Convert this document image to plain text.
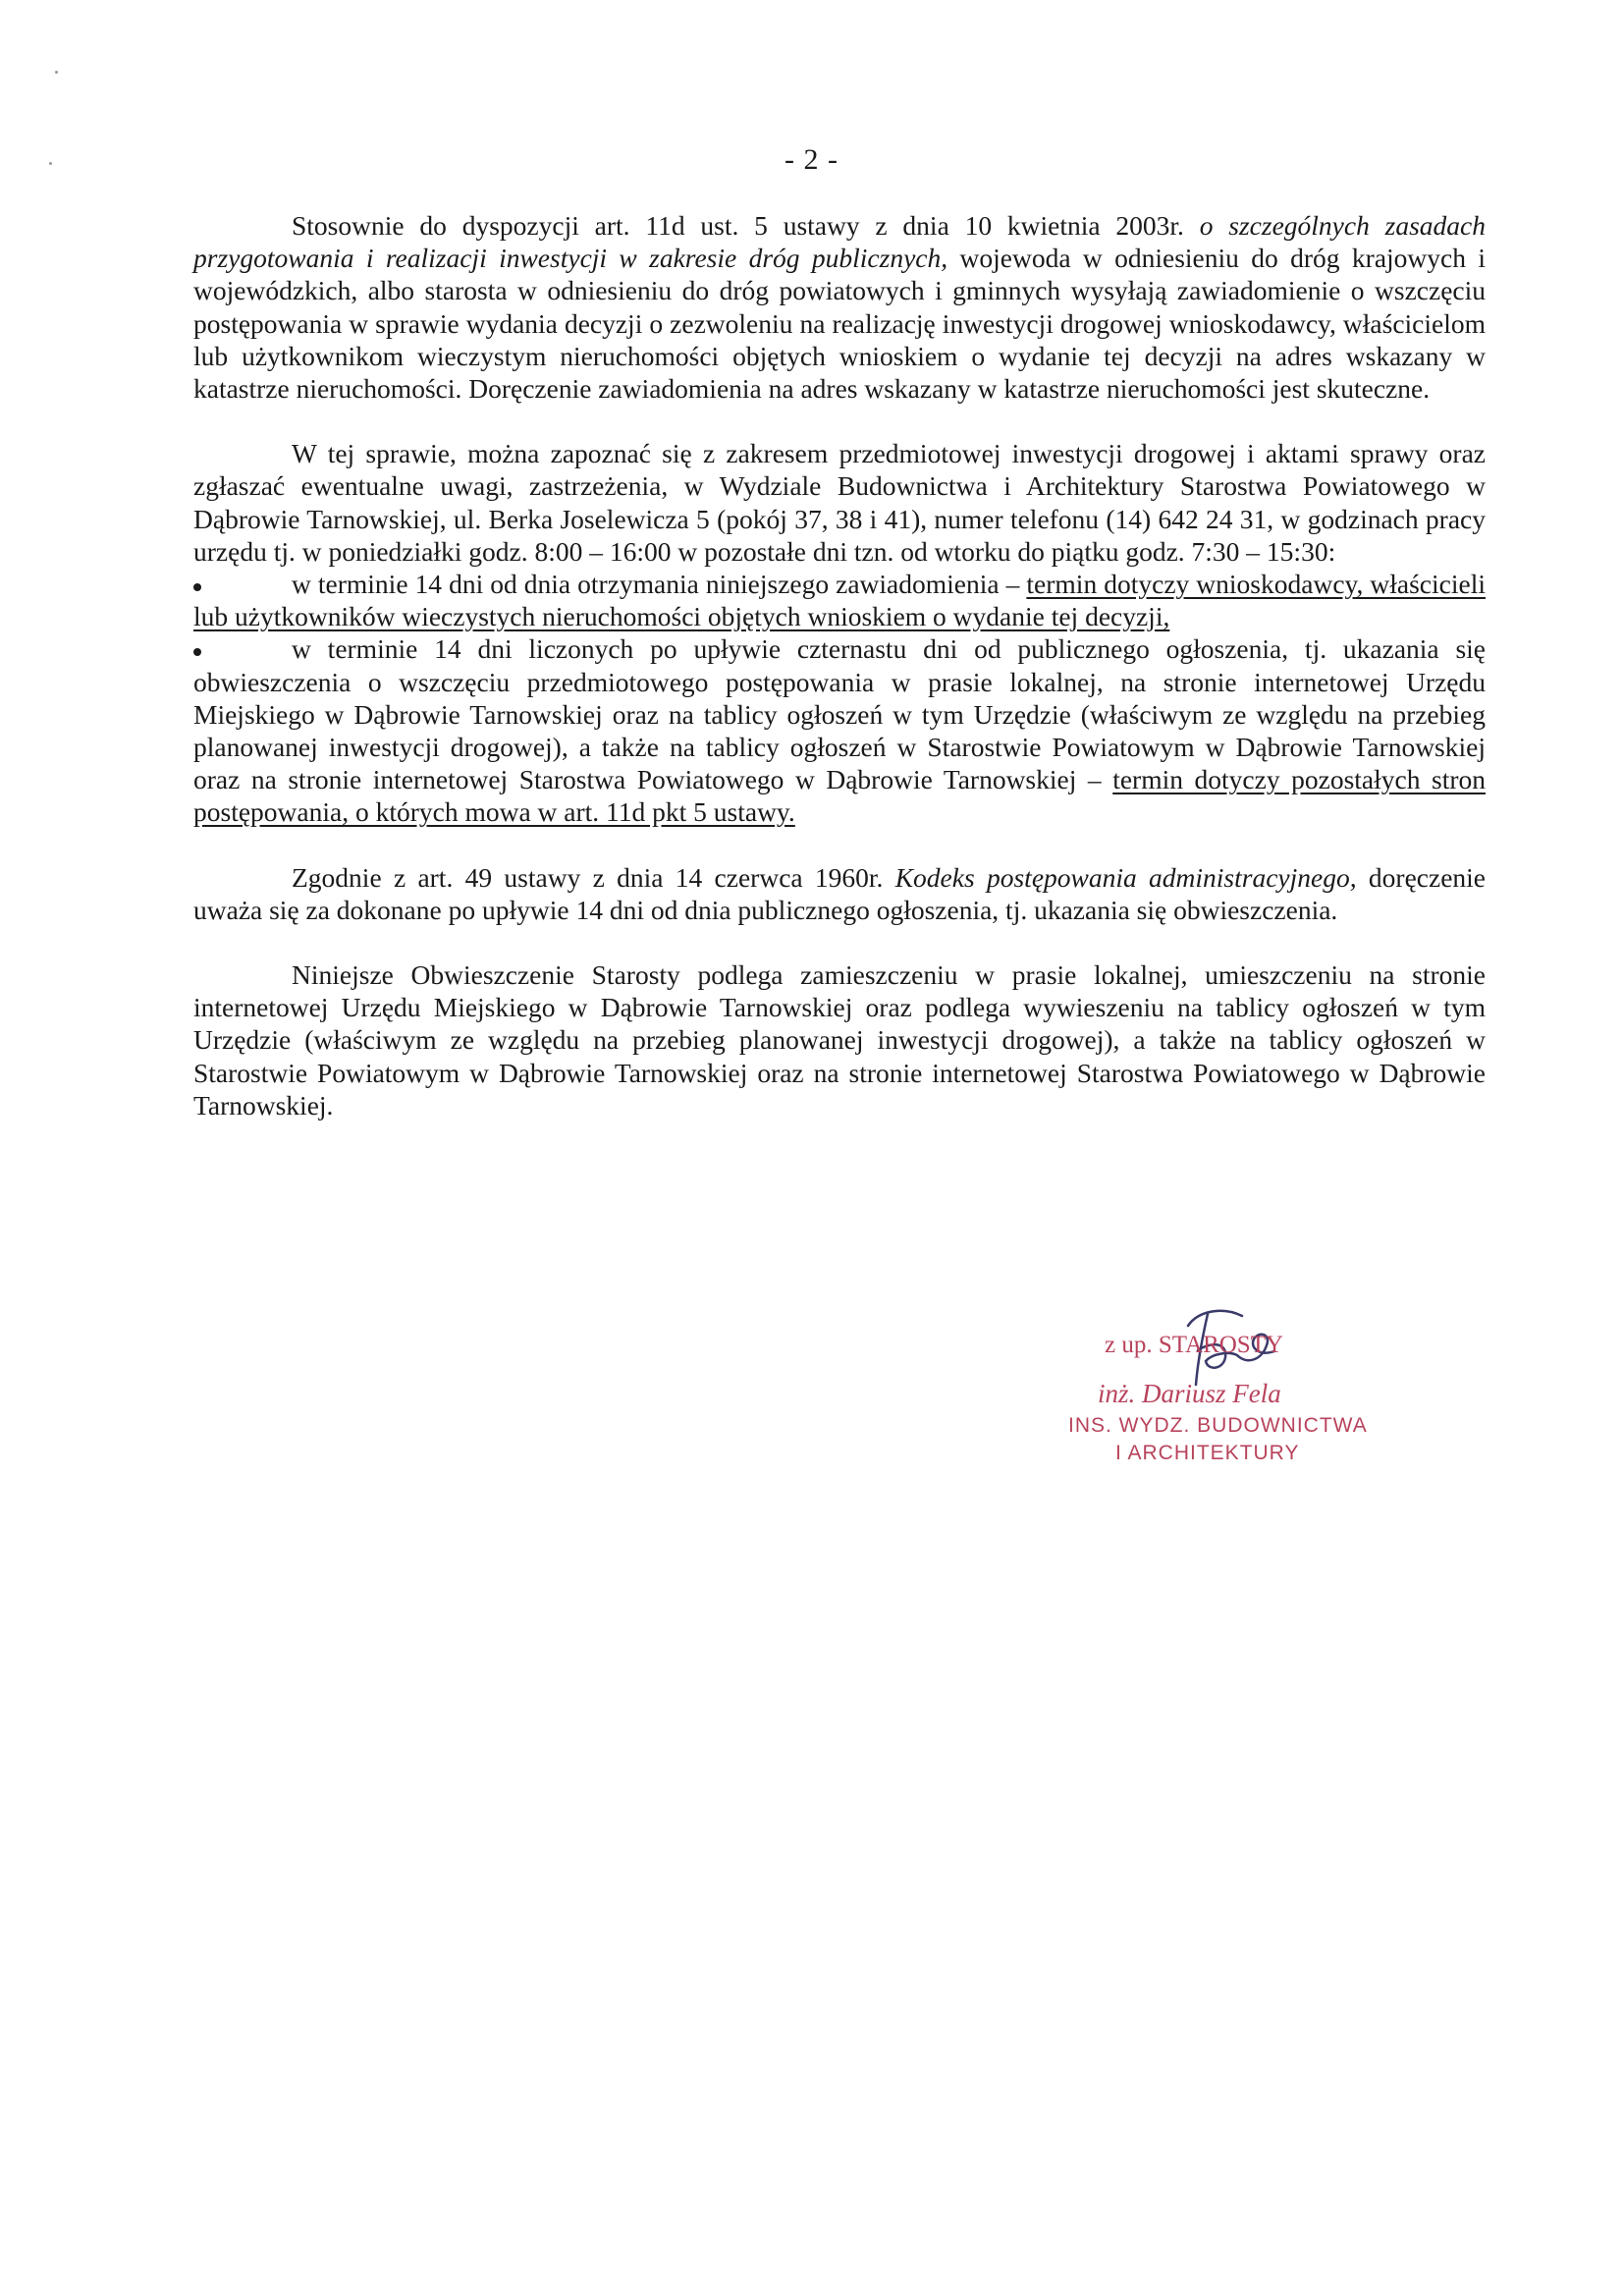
- 2 -

Stosownie do dyspozycji art. 11d ust. 5 ustawy z dnia 10 kwietnia 2003r. o szczególnych zasadach przygotowania i realizacji inwestycji w zakresie dróg publicznych, wojewoda w odniesieniu do dróg krajowych i wojewódzkich, albo starosta w odniesieniu do dróg powiatowych i gminnych wysyłają zawiadomienie o wszczęciu postępowania w sprawie wydania decyzji o zezwoleniu na realizację inwestycji drogowej wnioskodawcy, właścicielom lub użytkownikom wieczystym nieruchomości objętych wnioskiem o wydanie tej decyzji na adres wskazany w katastrze nieruchomości. Doręczenie zawiadomienia na adres wskazany w katastrze nieruchomości jest skuteczne.

W tej sprawie, można zapoznać się z zakresem przedmiotowej inwestycji drogowej i aktami sprawy oraz zgłaszać ewentualne uwagi, zastrzeżenia, w Wydziale Budownictwa i Architektury Starostwa Powiatowego w Dąbrowie Tarnowskiej, ul. Berka Joselewicza 5 (pokój 37, 38 i 41), numer telefonu (14) 642 24 31, w godzinach pracy urzędu tj. w poniedziałki godz. 8:00 – 16:00 w pozostałe dni tzn. od wtorku do piątku godz. 7:30 – 15:30:

w terminie 14 dni od dnia otrzymania niniejszego zawiadomienia – termin dotyczy wnioskodawcy, właścicieli lub użytkowników wieczystych nieruchomości objętych wnioskiem o wydanie tej decyzji,

w terminie 14 dni liczonych po upływie czternastu dni od publicznego ogłoszenia, tj. ukazania się obwieszczenia o wszczęciu przedmiotowego postępowania w prasie lokalnej, na stronie internetowej Urzędu Miejskiego w Dąbrowie Tarnowskiej oraz na tablicy ogłoszeń w tym Urzędzie (właściwym ze względu na przebieg planowanej inwestycji drogowej), a także na tablicy ogłoszeń w Starostwie Powiatowym w Dąbrowie Tarnowskiej oraz na stronie internetowej Starostwa Powiatowego w Dąbrowie Tarnowskiej – termin dotyczy pozostałych stron postępowania, o których mowa w art. 11d pkt 5 ustawy.

Zgodnie z art. 49 ustawy z dnia 14 czerwca 1960r. Kodeks postępowania administracyjnego, doręczenie uważa się za dokonane po upływie 14 dni od dnia publicznego ogłoszenia, tj. ukazania się obwieszczenia.

Niniejsze Obwieszczenie Starosty podlega zamieszczeniu w prasie lokalnej, umieszczeniu na stronie internetowej Urzędu Miejskiego w Dąbrowie Tarnowskiej oraz podlega wywieszeniu na tablicy ogłoszeń w tym Urzędzie (właściwym ze względu na przebieg planowanej inwestycji drogowej), a także na tablicy ogłoszeń w Starostwie Powiatowym w Dąbrowie Tarnowskiej oraz na stronie internetowej Starostwa Powiatowego w Dąbrowie Tarnowskiej.

z up. STAROSTY
inż. Dariusz Fela
INS. WYDZ. BUDOWNICTWA
I ARCHITEKTURY
